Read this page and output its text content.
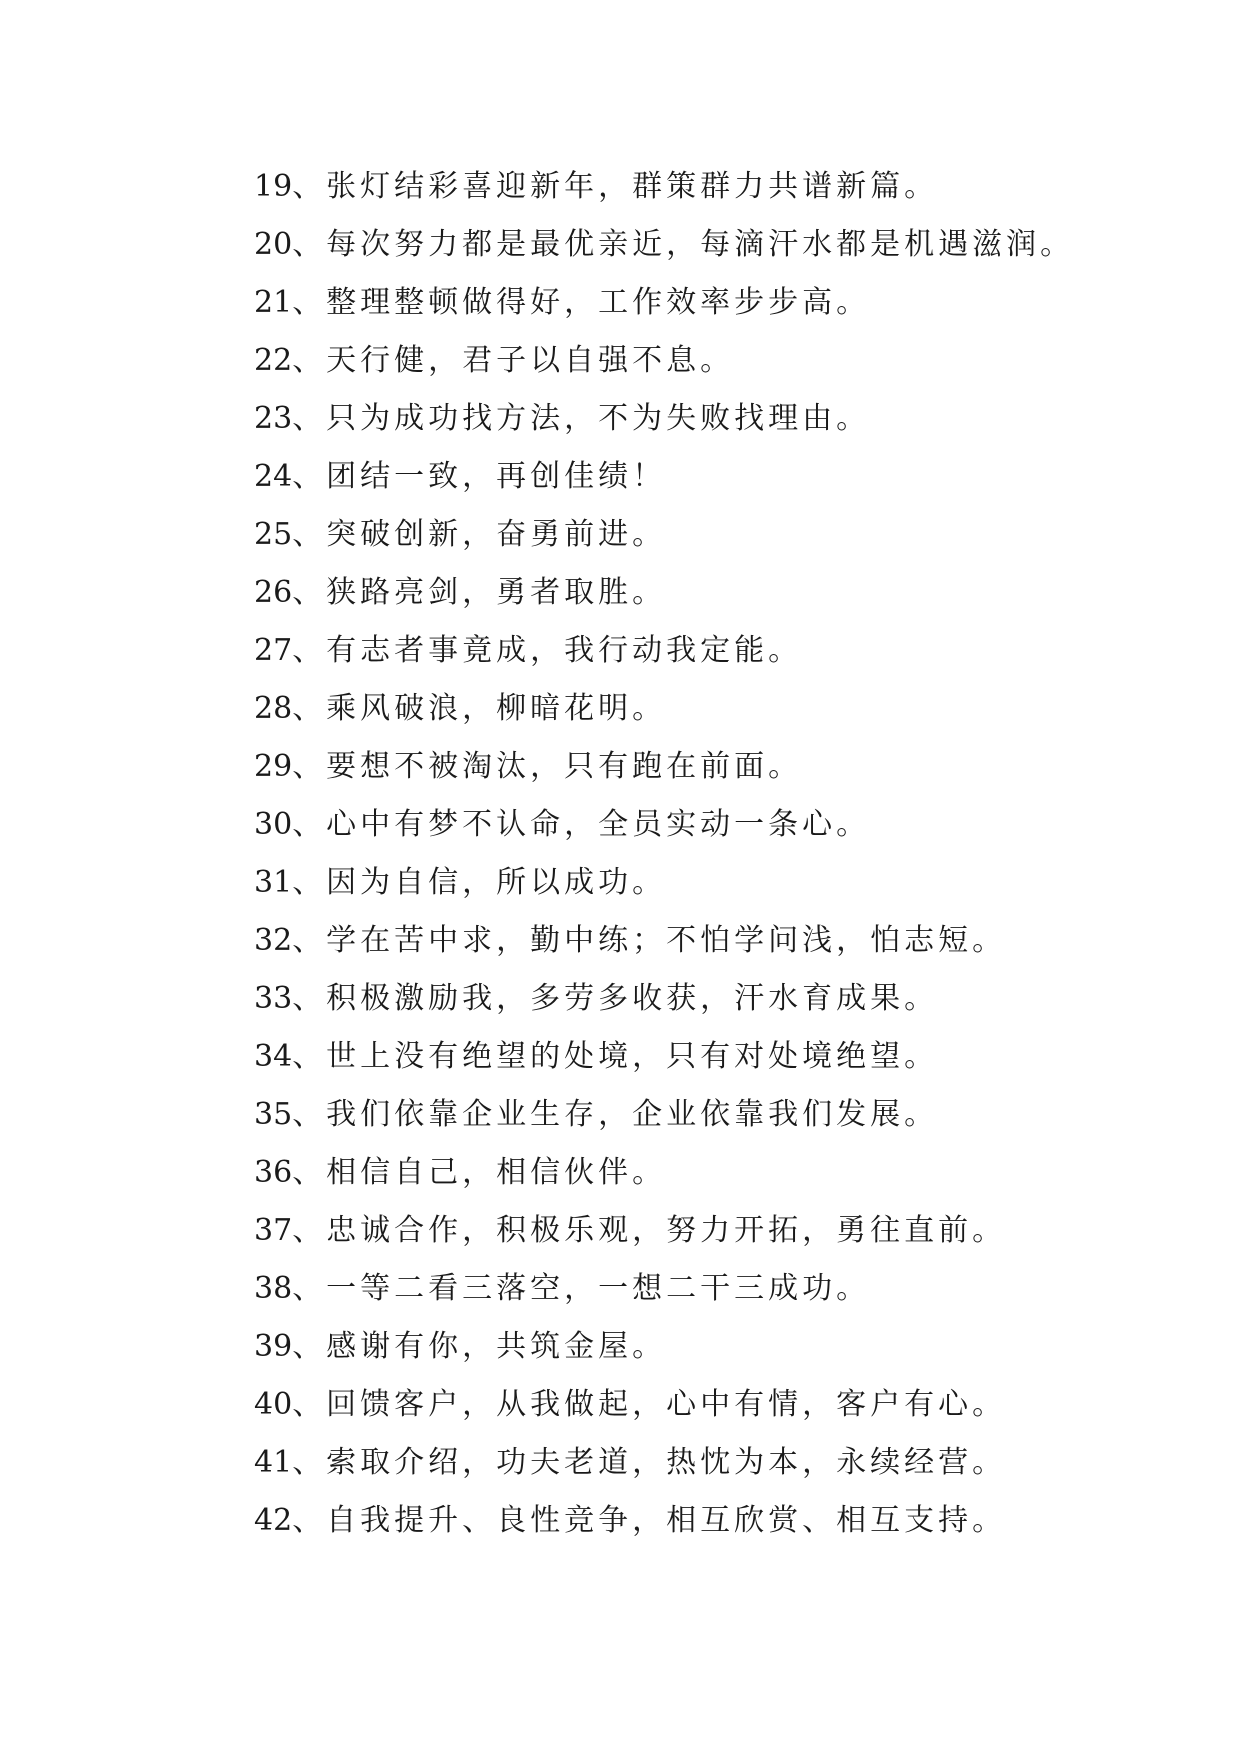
19、张灯结彩喜迎新年，群策群力共谱新篇。
20、每次努力都是最优亲近，每滴汗水都是机遇滋润。
21、整理整顿做得好，工作效率步步高。
22、天行健，君子以自强不息。
23、只为成功找方法，不为失败找理由。
24、团结一致，再创佳绩！
25、突破创新，奋勇前进。
26、狭路亮剑，勇者取胜。
27、有志者事竟成，我行动我定能。
28、乘风破浪，柳暗花明。
29、要想不被淘汰，只有跑在前面。
30、心中有梦不认命，全员实动一条心。
31、因为自信，所以成功。
32、学在苦中求，勤中练；不怕学问浅，怕志短。
33、积极激励我，多劳多收获，汗水育成果。
34、世上没有绝望的处境，只有对处境绝望。
35、我们依靠企业生存，企业依靠我们发展。
36、相信自己，相信伙伴。
37、忠诚合作，积极乐观，努力开拓，勇往直前。
38、一等二看三落空，一想二干三成功。
39、感谢有你，共筑金屋。
40、回馈客户，从我做起，心中有情，客户有心。
41、索取介绍，功夫老道，热忱为本，永续经营。
42、自我提升、良性竞争，相互欣赏、相互支持。
